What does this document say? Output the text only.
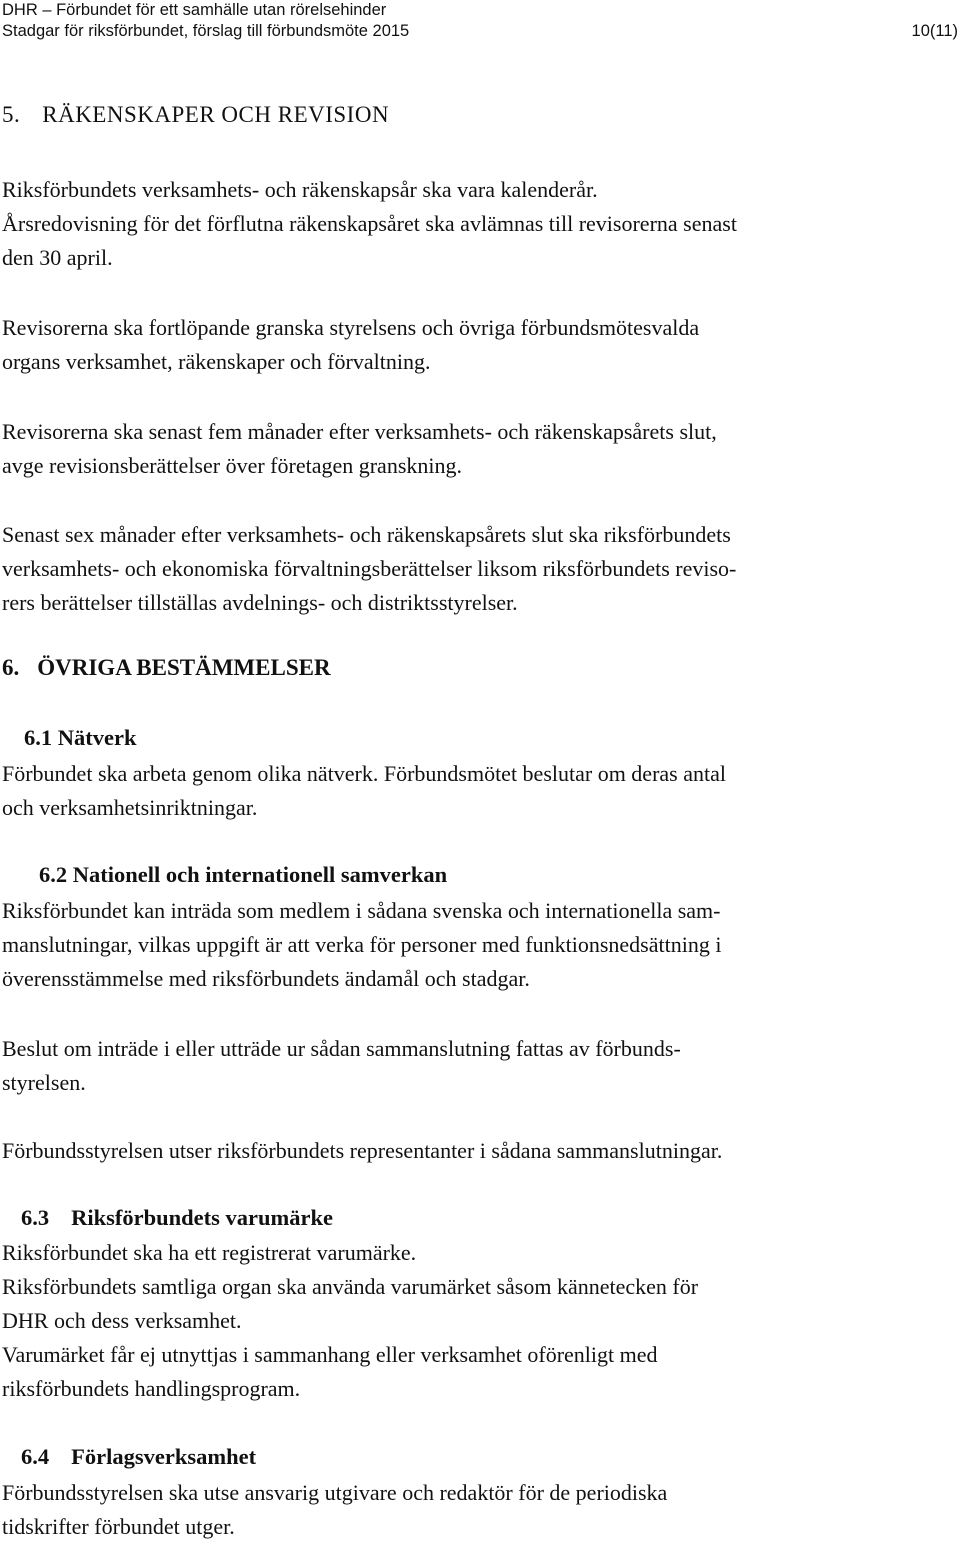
DHR – Förbundet för ett samhälle utan rörelsehinder
Stadgar för riksförbundet, förslag till förbundsmöte 2015	10(11)
5. RÄKENSKAPER OCH REVISION
Riksförbundets verksamhets- och räkenskapsår ska vara kalenderår.
Årsredovisning för det förflutna räkenskapsåret ska avlämnas till revisorerna senast
den 30 april.
Revisorerna ska fortlöpande granska styrelsens och övriga förbundsmötesvalda
organs verksamhet, räkenskaper och förvaltning.
Revisorerna ska senast fem månader efter verksamhets- och räkenskapsårets slut,
avge revisionsberättelser över företagen granskning.
Senast sex månader efter verksamhets- och räkenskapsårets slut ska riksförbundets
verksamhets- och ekonomiska förvaltningsberättelser liksom riksförbundets reviso-
rers berättelser tillställas avdelnings- och distriktsstyrelser.
6. ÖVRIGA BESTÄMMELSER
6.1 Nätverk
Förbundet ska arbeta genom olika nätverk. Förbundsmötet beslutar om deras antal
och verksamhetsinriktningar.
6.2 Nationell och internationell samverkan
Riksförbundet kan inträda som medlem i sådana svenska och internationella sam-
manslutningar, vilkas uppgift är att verka för personer med funktionsnedsättning i
överensstämmelse med riksförbundets ändamål och stadgar.
Beslut om inträde i eller utträde ur sådan sammanslutning fattas av förbunds-
styrelsen.
Förbundsstyrelsen utser riksförbundets representanter i sådana sammanslutningar.
6.3 Riksförbundets varumärke
Riksförbundet ska ha ett registrerat varumärke.
Riksförbundets samtliga organ ska använda varumärket såsom kännetecken för
DHR och dess verksamhet.
Varumärket får ej utnyttjas i sammanhang eller verksamhet oförenligt med
riksförbundets handlingsprogram.
6.4 Förlagsverksamhet
Förbundsstyrelsen ska utse ansvarig utgivare och redaktör för de periodiska
tidskrifter förbundet utger.
